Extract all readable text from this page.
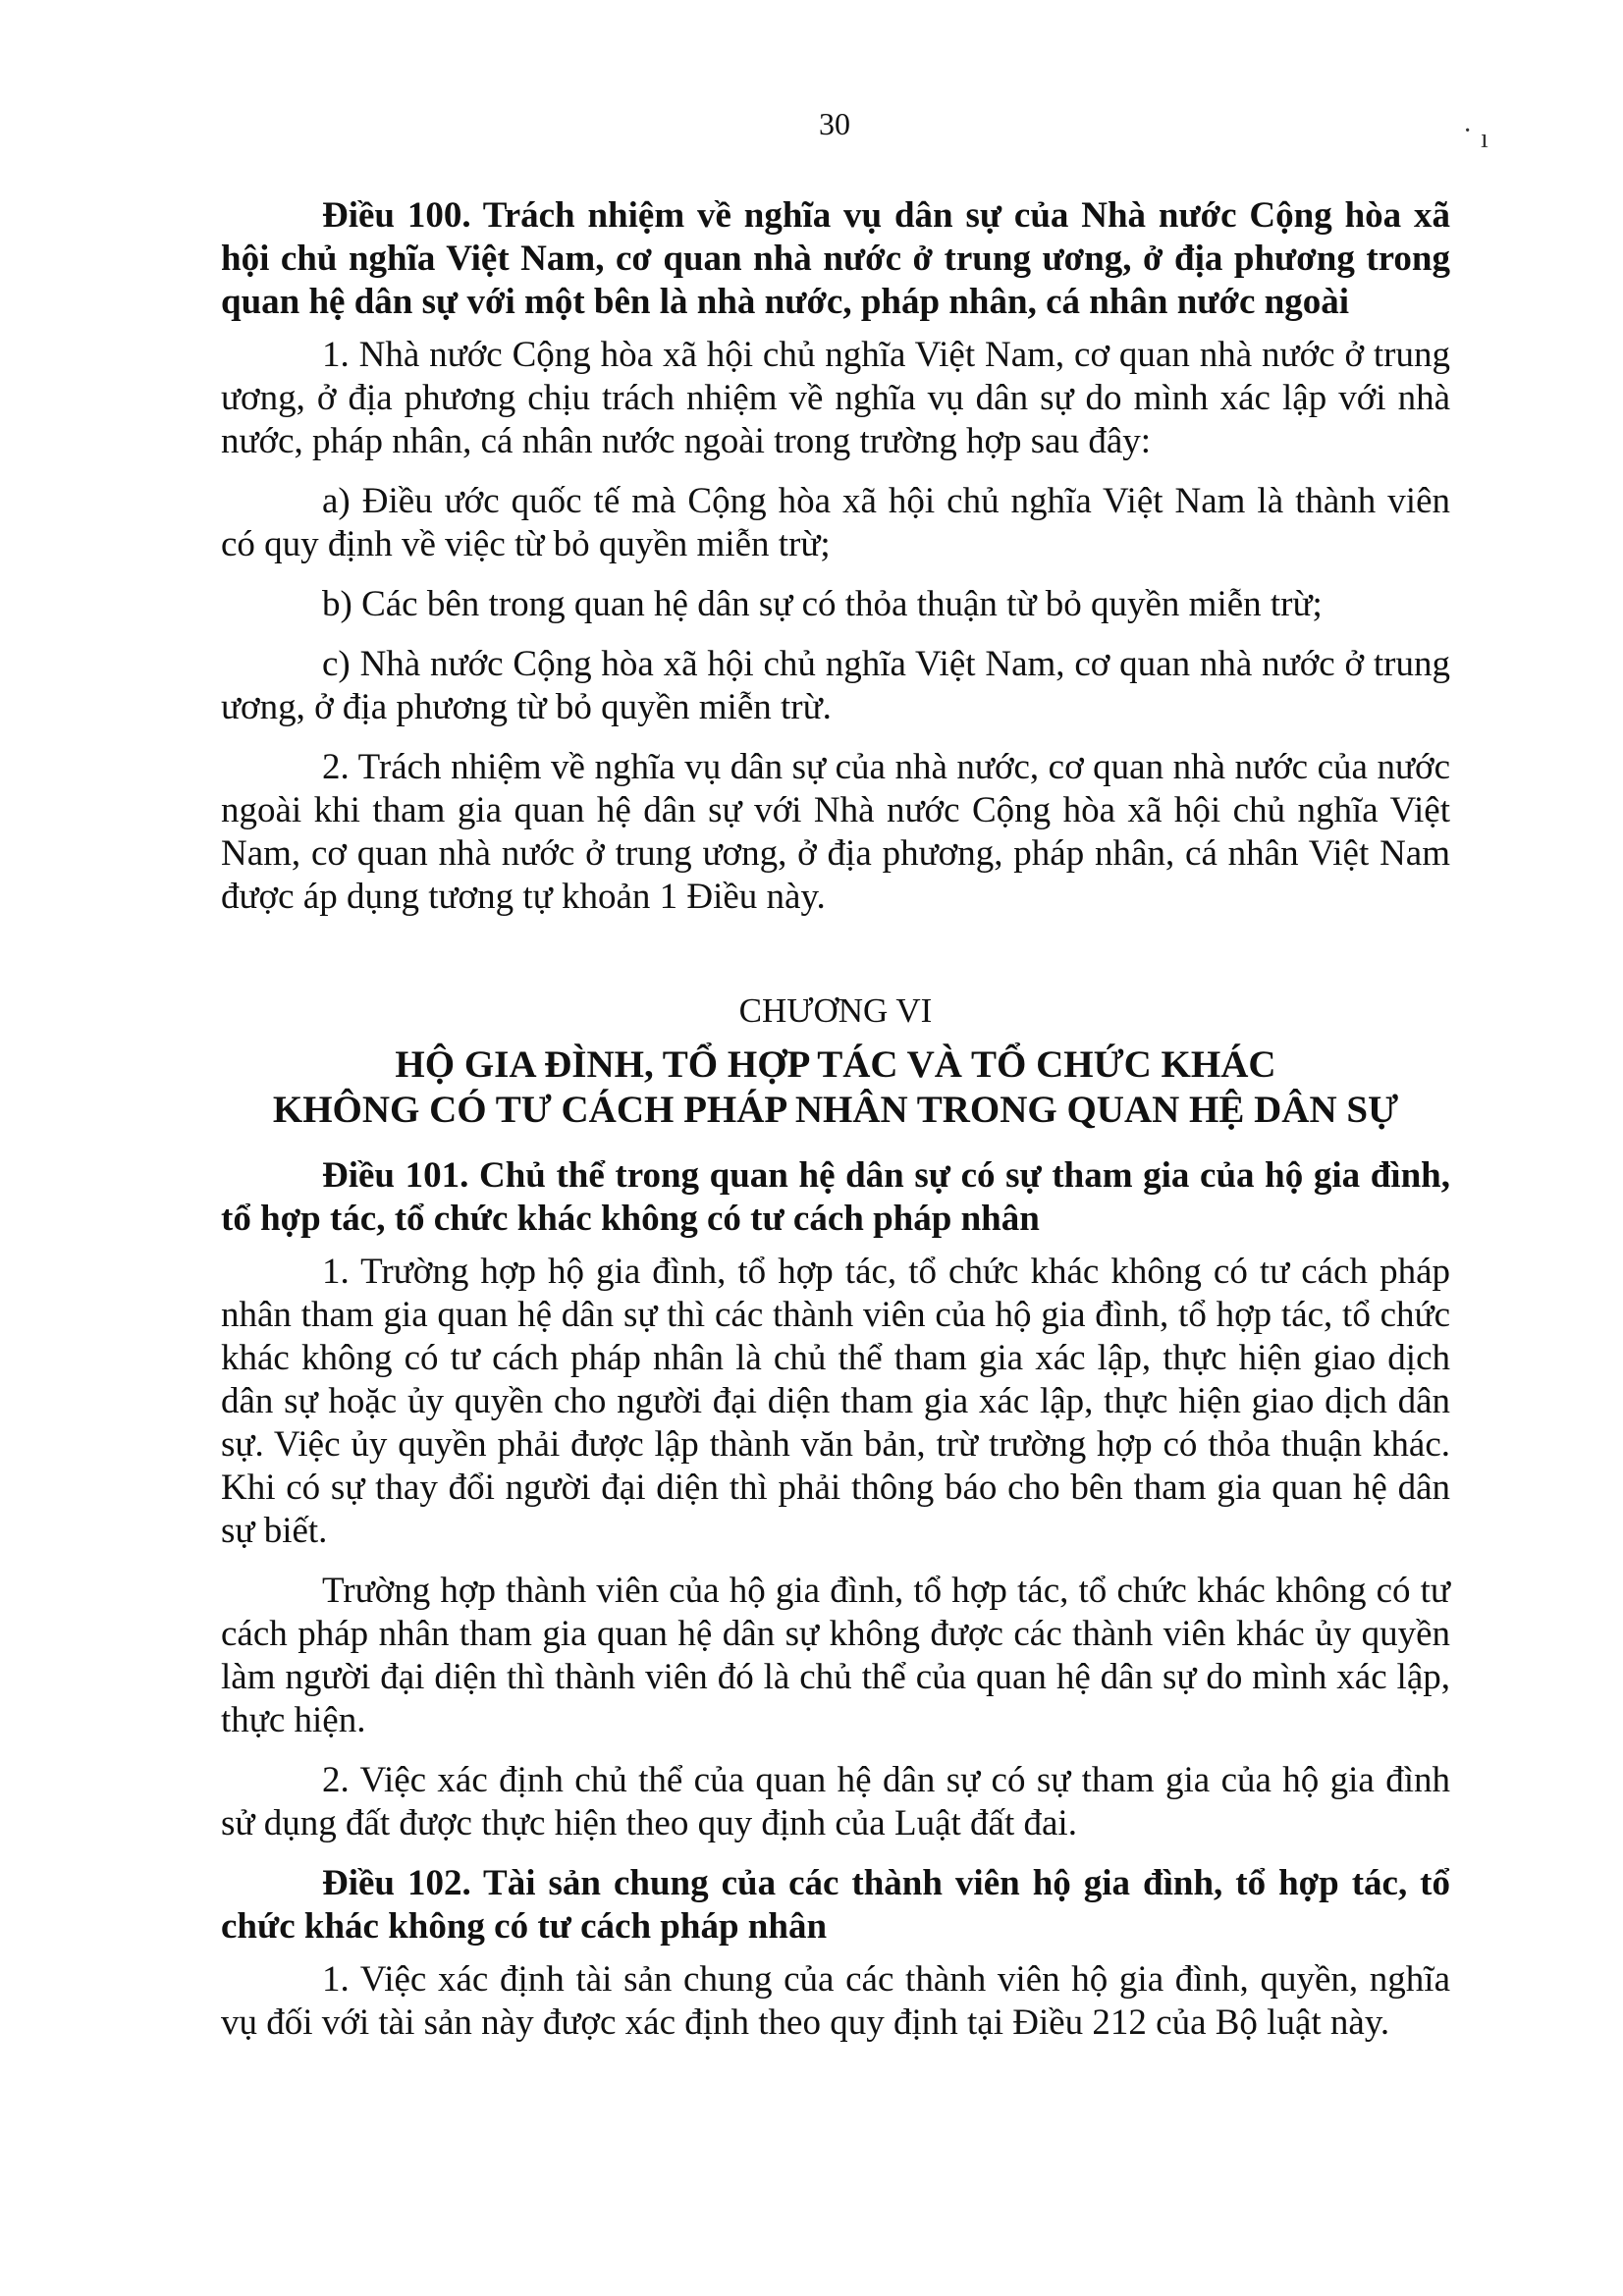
30	· ı

Điều 100. Trách nhiệm về nghĩa vụ dân sự của Nhà nước Cộng hòa xã hội chủ nghĩa Việt Nam, cơ quan nhà nước ở trung ương, ở địa phương trong quan hệ dân sự với một bên là nhà nước, pháp nhân, cá nhân nước ngoài

1. Nhà nước Cộng hòa xã hội chủ nghĩa Việt Nam, cơ quan nhà nước ở trung ương, ở địa phương chịu trách nhiệm về nghĩa vụ dân sự do mình xác lập với nhà nước, pháp nhân, cá nhân nước ngoài trong trường hợp sau đây:

a) Điều ước quốc tế mà Cộng hòa xã hội chủ nghĩa Việt Nam là thành viên có quy định về việc từ bỏ quyền miễn trừ;

b) Các bên trong quan hệ dân sự có thỏa thuận từ bỏ quyền miễn trừ;

c) Nhà nước Cộng hòa xã hội chủ nghĩa Việt Nam, cơ quan nhà nước ở trung ương, ở địa phương từ bỏ quyền miễn trừ.

2. Trách nhiệm về nghĩa vụ dân sự của nhà nước, cơ quan nhà nước của nước ngoài khi tham gia quan hệ dân sự với Nhà nước Cộng hòa xã hội chủ nghĩa Việt Nam, cơ quan nhà nước ở trung ương, ở địa phương, pháp nhân, cá nhân Việt Nam được áp dụng tương tự khoản 1 Điều này.

CHƯƠNG VI
HỘ GIA ĐÌNH, TỔ HỢP TÁC VÀ TỔ CHỨC KHÁC
KHÔNG CÓ TƯ CÁCH PHÁP NHÂN TRONG QUAN HỆ DÂN SỰ

Điều 101. Chủ thể trong quan hệ dân sự có sự tham gia của hộ gia đình, tổ hợp tác, tổ chức khác không có tư cách pháp nhân

1. Trường hợp hộ gia đình, tổ hợp tác, tổ chức khác không có tư cách pháp nhân tham gia quan hệ dân sự thì các thành viên của hộ gia đình, tổ hợp tác, tổ chức khác không có tư cách pháp nhân là chủ thể tham gia xác lập, thực hiện giao dịch dân sự hoặc ủy quyền cho người đại diện tham gia xác lập, thực hiện giao dịch dân sự. Việc ủy quyền phải được lập thành văn bản, trừ trường hợp có thỏa thuận khác. Khi có sự thay đổi người đại diện thì phải thông báo cho bên tham gia quan hệ dân sự biết.

Trường hợp thành viên của hộ gia đình, tổ hợp tác, tổ chức khác không có tư cách pháp nhân tham gia quan hệ dân sự không được các thành viên khác ủy quyền làm người đại diện thì thành viên đó là chủ thể của quan hệ dân sự do mình xác lập, thực hiện.

2. Việc xác định chủ thể của quan hệ dân sự có sự tham gia của hộ gia đình sử dụng đất được thực hiện theo quy định của Luật đất đai.

Điều 102. Tài sản chung của các thành viên hộ gia đình, tổ hợp tác, tổ chức khác không có tư cách pháp nhân

1. Việc xác định tài sản chung của các thành viên hộ gia đình, quyền, nghĩa vụ đối với tài sản này được xác định theo quy định tại Điều 212 của Bộ luật này.
